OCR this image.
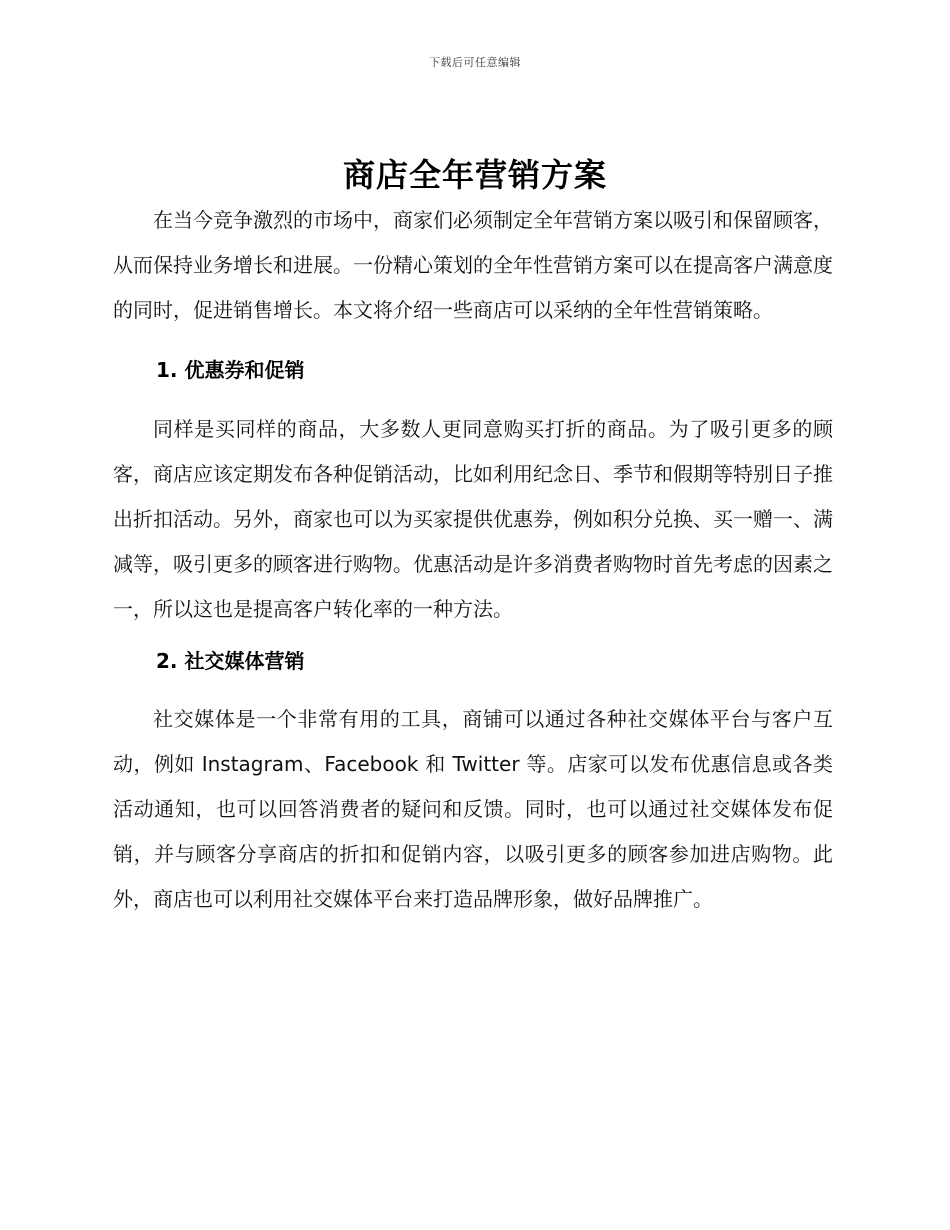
下载后可任意编辑
商店全年营销方案

在当今竞争激烈的市场中，商家们必须制定全年营销方案以吸引和保留顾客，从而保持业务增长和进展。一份精心策划的全年性营销方案可以在提高客户满意度的同时，促进销售增长。本文将介绍一些商店可以采纳的全年性营销策略。

1. 优惠券和促销

同样是买同样的商品，大多数人更同意购买打折的商品。为了吸引更多的顾客，商店应该定期发布各种促销活动，比如利用纪念日、季节和假期等特别日子推出折扣活动。另外，商家也可以为买家提供优惠券，例如积分兑换、买一赠一、满减等，吸引更多的顾客进行购物。优惠活动是许多消费者购物时首先考虑的因素之一，所以这也是提高客户转化率的一种方法。

2. 社交媒体营销

社交媒体是一个非常有用的工具，商铺可以通过各种社交媒体平台与客户互动，例如 Instagram、Facebook 和 Twitter 等。店家可以发布优惠信息或各类活动通知，也可以回答消费者的疑问和反馈。同时，也可以通过社交媒体发布促销，并与顾客分享商店的折扣和促销内容，以吸引更多的顾客参加进店购物。此外，商店也可以利用社交媒体平台来打造品牌形象，做好品牌推广。
